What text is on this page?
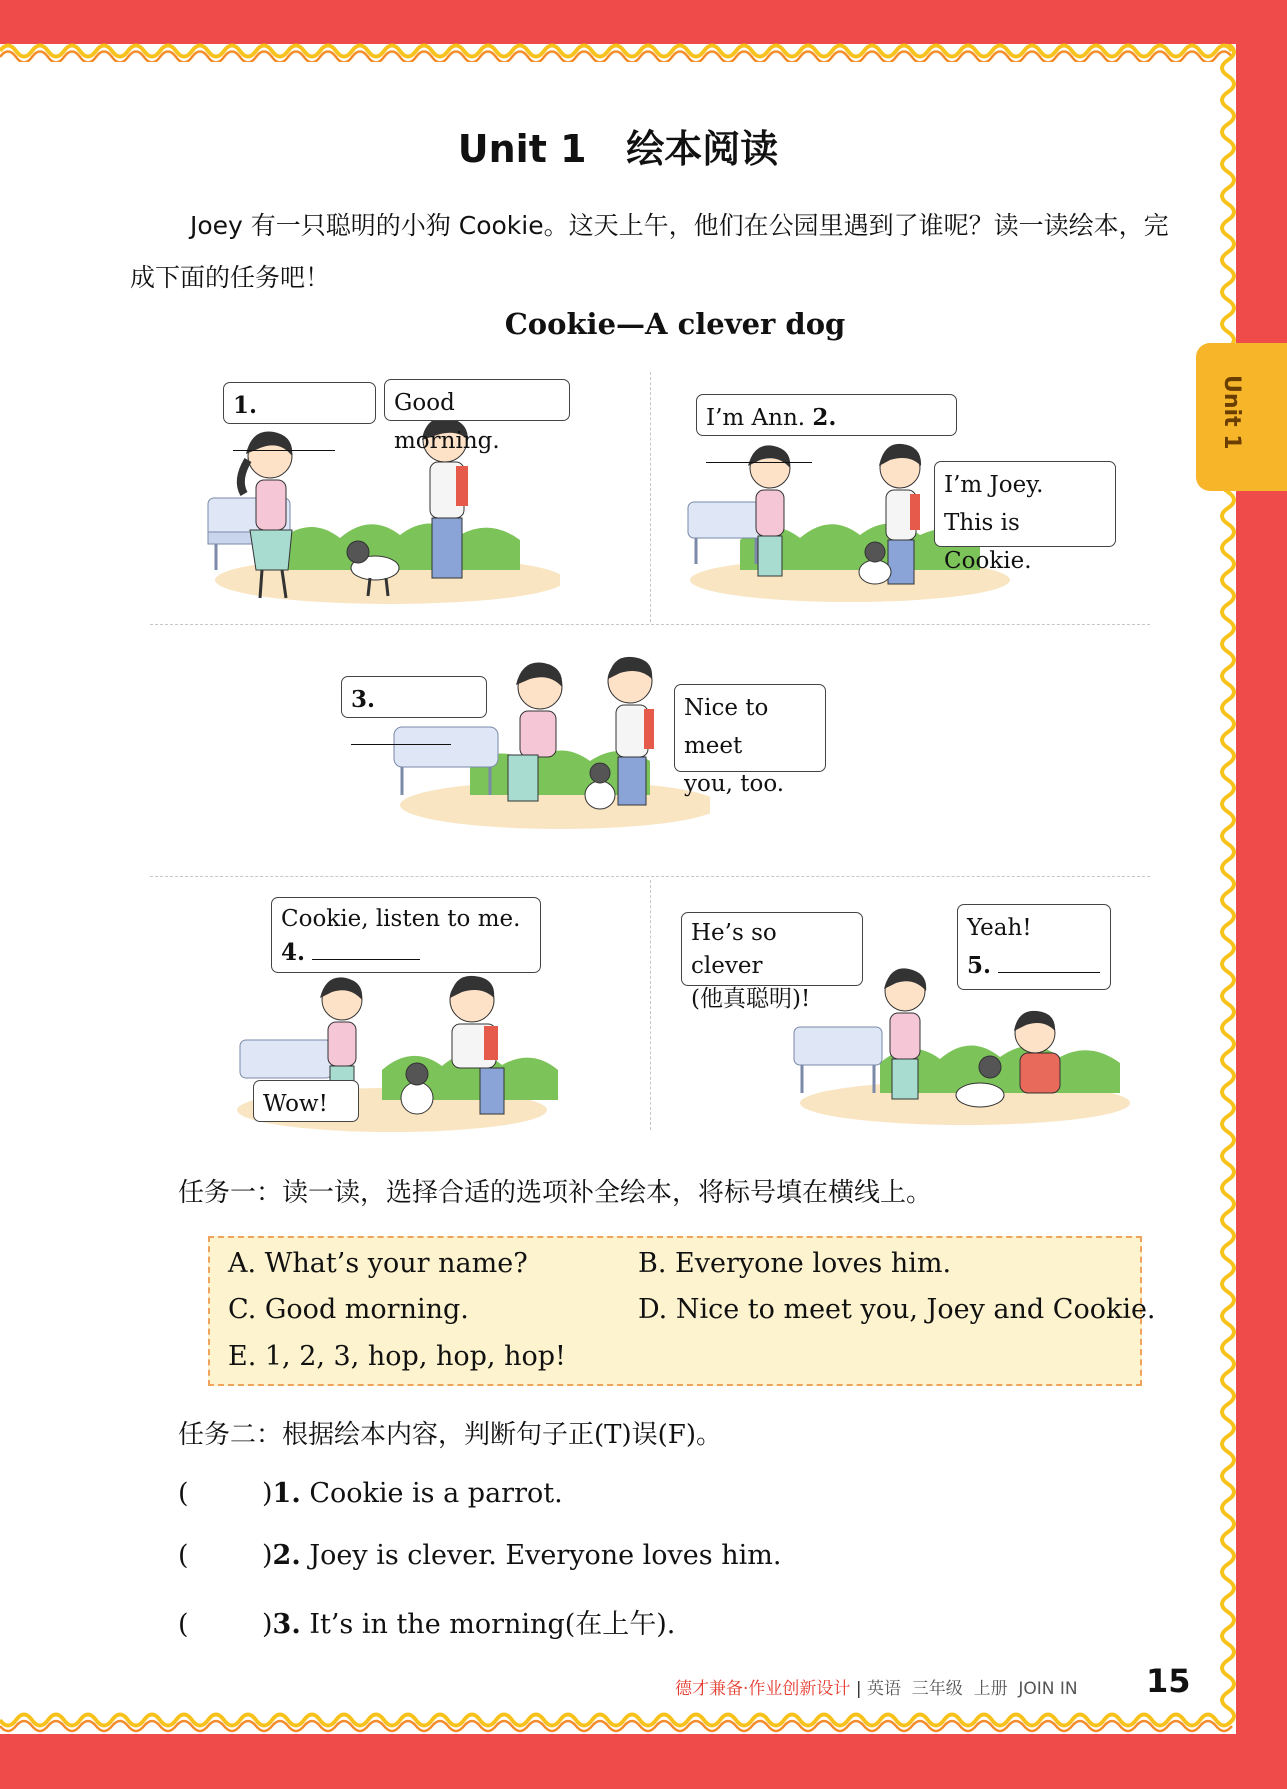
Unit 1
Unit 1   绘本阅读
Joey 有一只聪明的小狗 Cookie。这天上午，他们在公园里遇到了谁呢？读一读绘本，完成下面的任务吧！
Cookie—A clever dog
1.	Good morning.
I’m Ann. 2.
I’m Joey.
This is Cookie.
3.	Nice to meet
you, too.
Cookie, listen to me.
4.
Wow!
He’s so clever
(他真聪明)!
Yeah!
5.
任务一：读一读，选择合适的选项补全绘本，将标号填在横线上。
A. What’s your name?	B. Everyone loves him.
C. Good morning.	D. Nice to meet you, Joey and Cookie.
E. 1, 2, 3, hop, hop, hop!
任务二：根据绘本内容，判断句子正(T)误(F)。
(	)1. Cookie is a parrot.
(	)2. Joey is clever. Everyone loves him.
(	)3. It’s in the morning(在上午).
德才兼备·作业创新设计 | 英语  三年级  上册  JOIN IN 15
